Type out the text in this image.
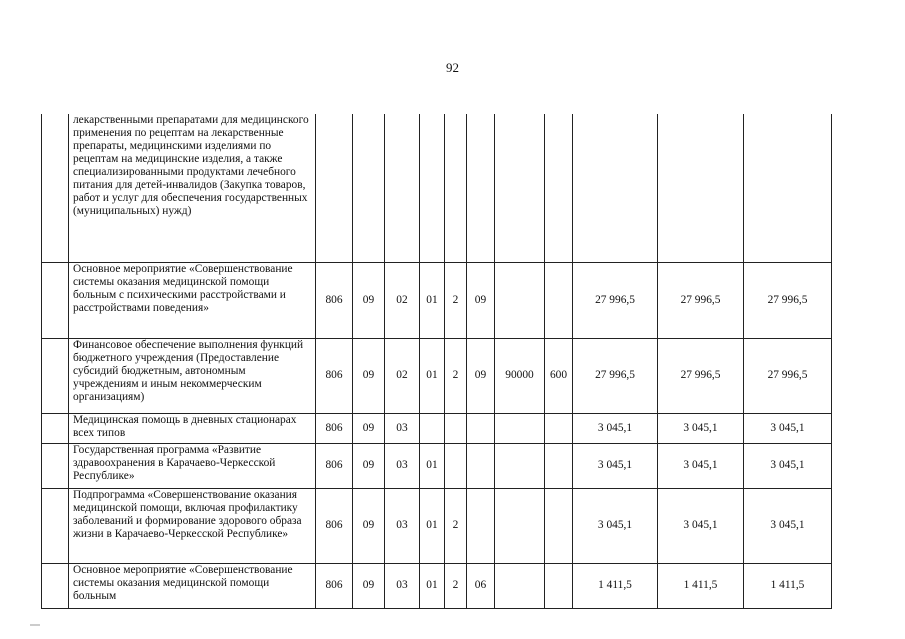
92
	лекарственными препаратами для медицинского применения по рецептам на лекарственные препараты, медицинскими изделиями по рецептам на медицинские изделия, а также специализированными продуктами лечебного питания для детей-инвалидов (Закупка товаров, работ и услуг для обеспечения государственных (муниципальных) нужд)											
	Основное мероприятие «Совершенствование системы оказания медицинской помощи больным с психическими расстройствами и расстройствами поведения»	806	09	02	01	2	09			27 996,5	27 996,5	27 996,5
	Финансовое обеспечение выполнения функций бюджетного учреждения (Предоставление субсидий бюджетным, автономным учреждениям и иным некоммерческим организациям)	806	09	02	01	2	09	90000	600	27 996,5	27 996,5	27 996,5
	Медицинская помощь в дневных стационарах всех типов	806	09	03						3 045,1	3 045,1	3 045,1
	Государственная программа «Развитие здравоохранения в Карачаево-Черкесской Республике»	806	09	03	01					3 045,1	3 045,1	3 045,1
	Подпрограмма «Совершенствование оказания медицинской помощи, включая профилактику заболеваний и формирование здорового образа жизни в Карачаево-Черкесской Республике»	806	09	03	01	2				3 045,1	3 045,1	3 045,1
	Основное мероприятие «Совершенствование системы оказания медицинской помощи больным	806	09	03	01	2	06			1 411,5	1 411,5	1 411,5
